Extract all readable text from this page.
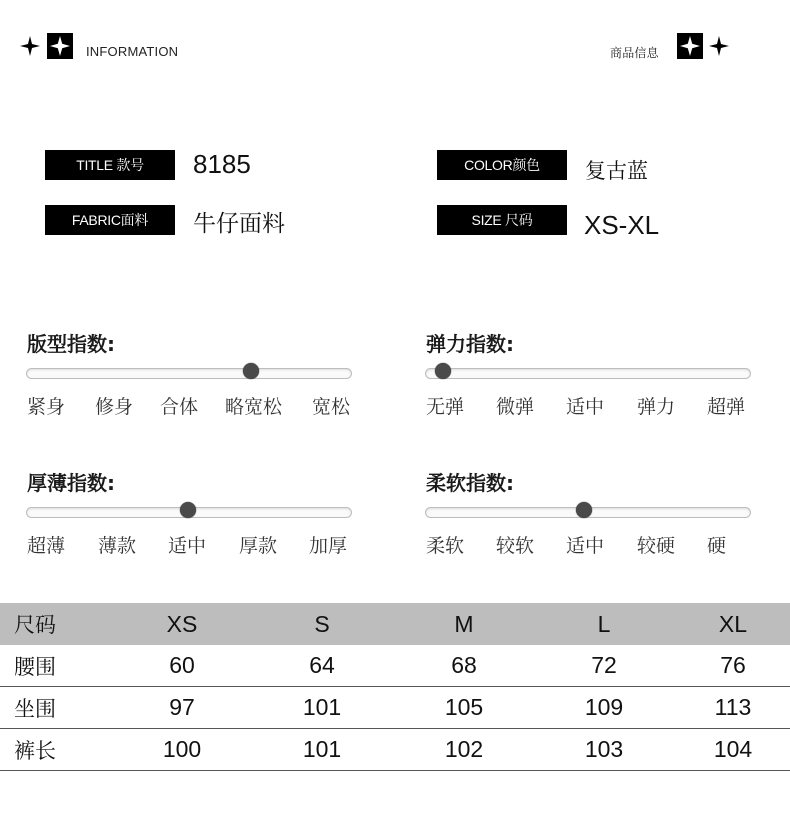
INFORMATION	商品信息
TITLE 款号	8185
FABRIC面料	牛仔面料
COLOR颜色	复古蓝
SIZE 尺码	XS-XL
版型指数:
紧身 修身 合体 略宽松 宽松
弹力指数:
无弹 微弹 适中 弹力 超弹
厚薄指数:
超薄 薄款 适中 厚款 加厚
柔软指数:
柔软 较软 适中 较硬 硬
尺码	XS	S	M	L	XL
腰围	60	64	68	72	76
坐围	97	101	105	109	113
裤长	100	101	102	103	104
